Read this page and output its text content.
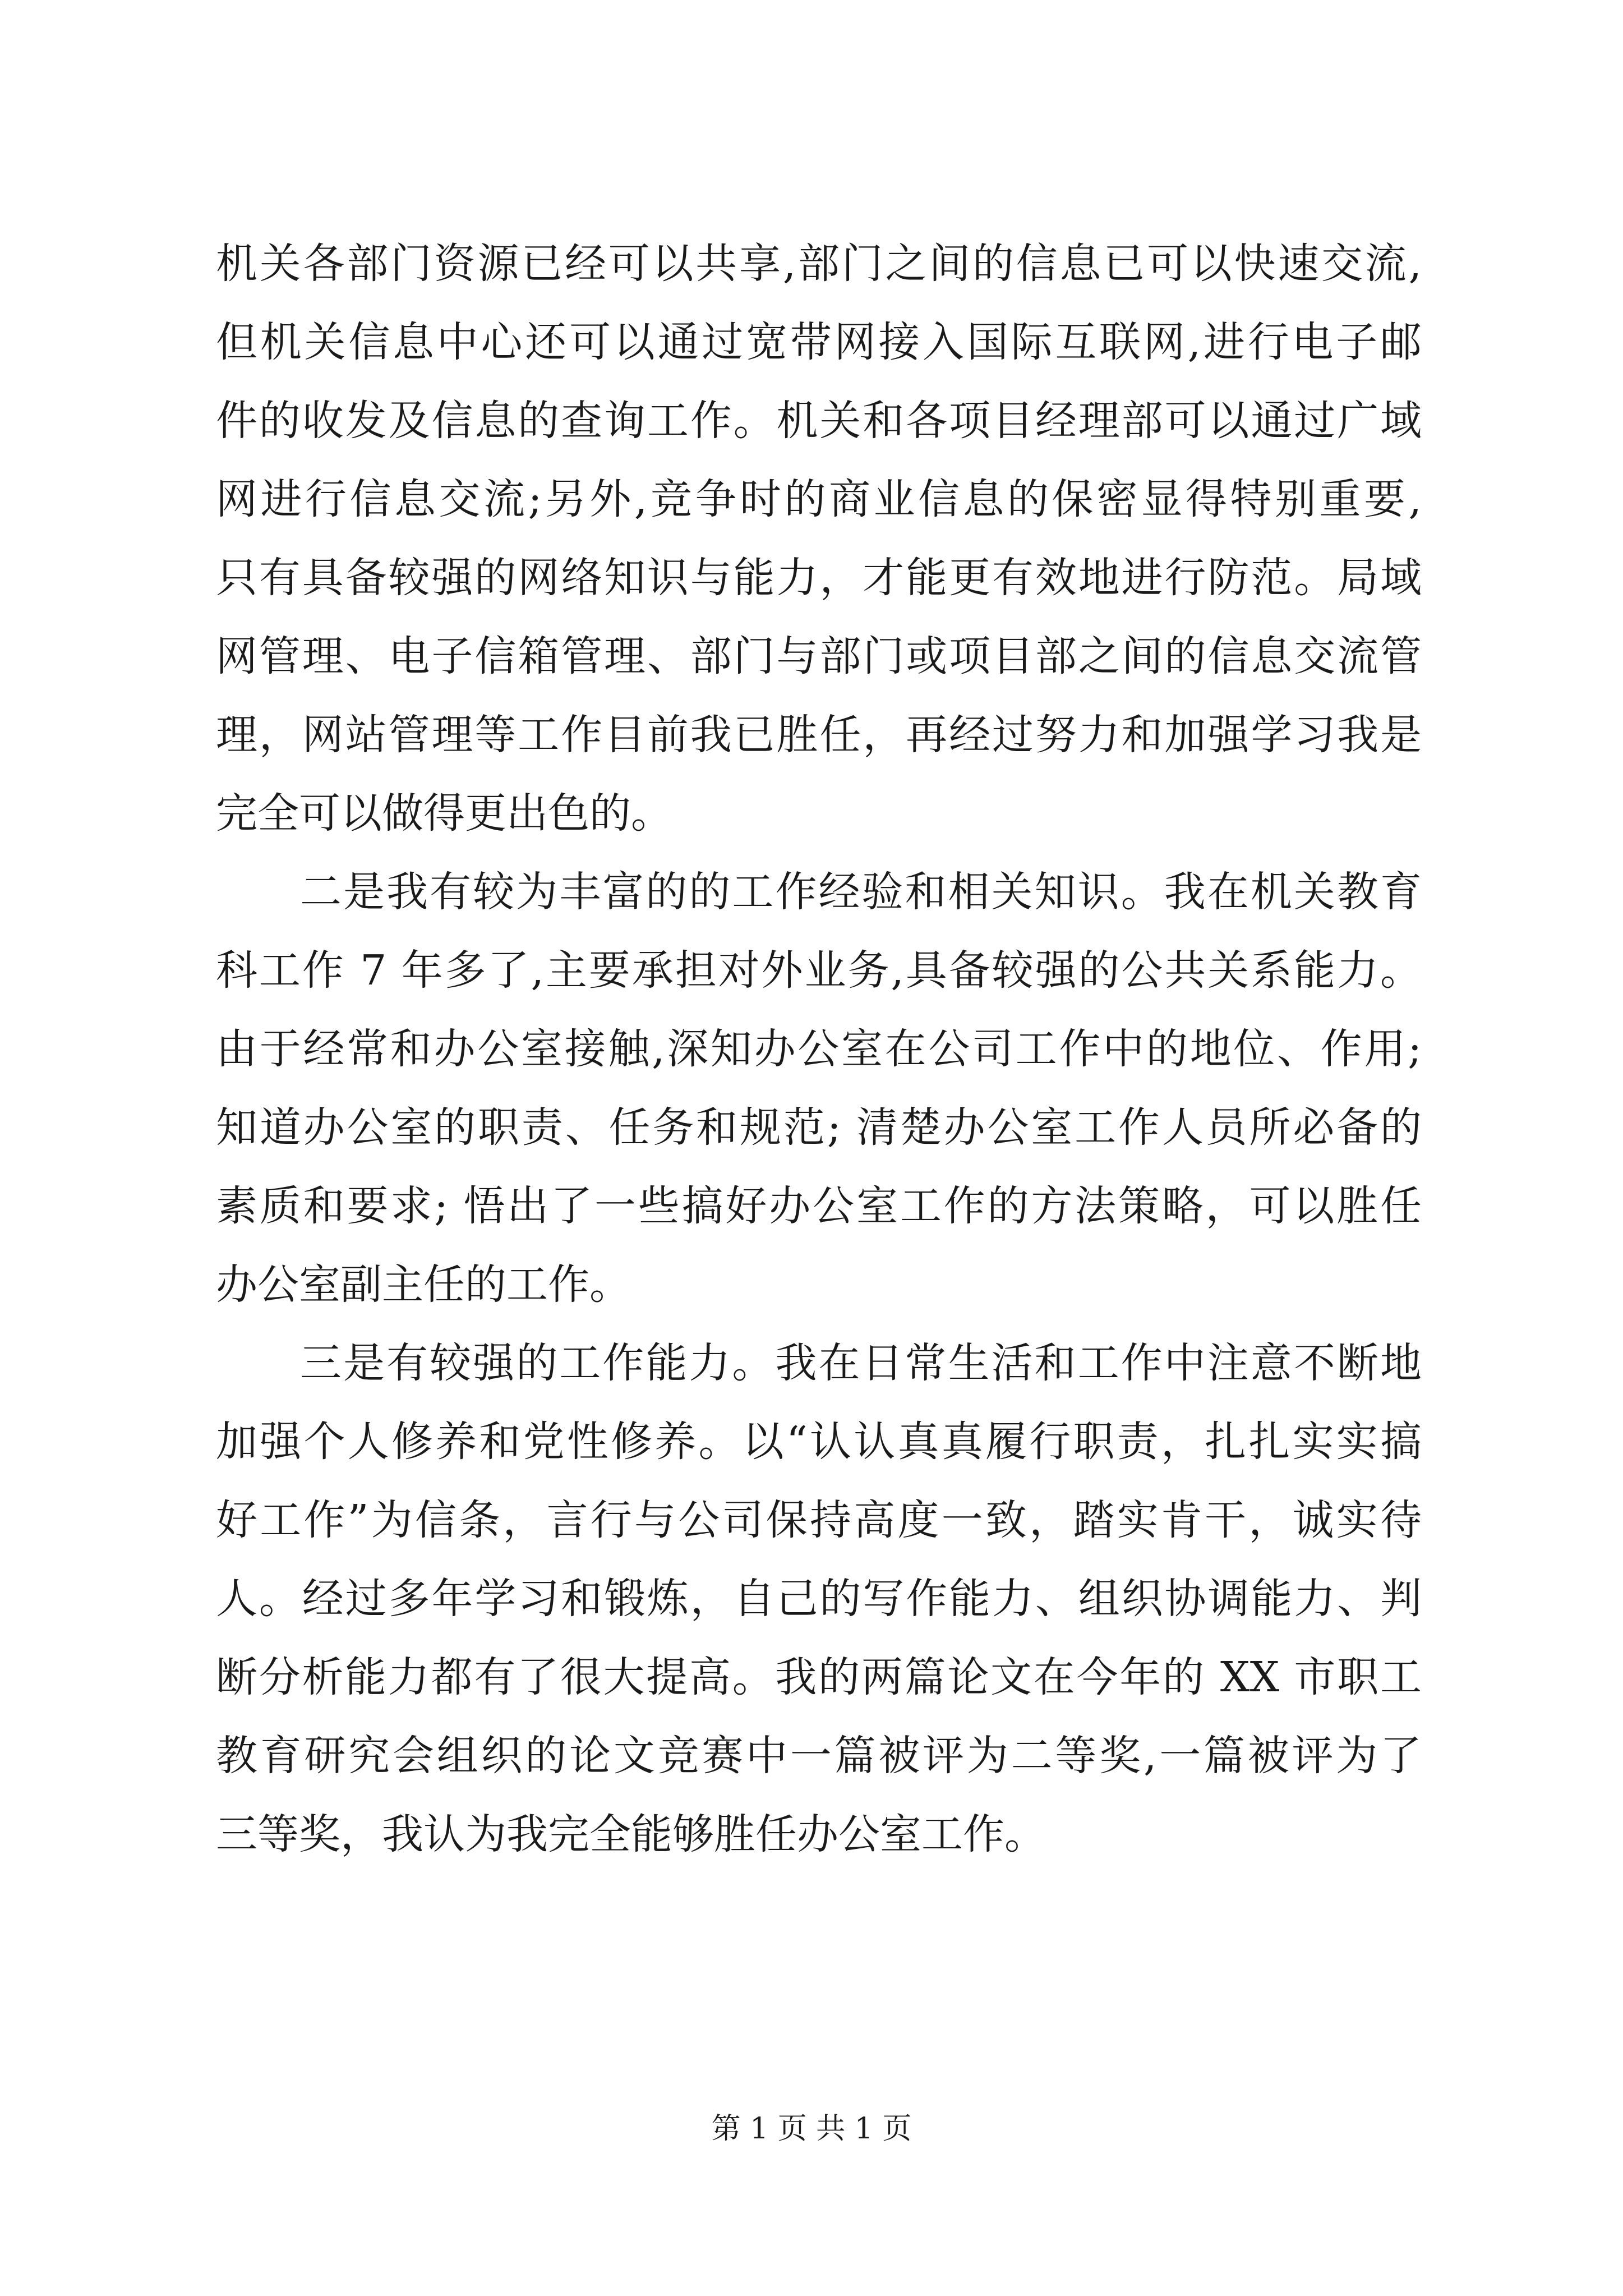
机关各部门资源已经可以共享,部门之间的信息已可以快速交流,
但机关信息中心还可以通过宽带网接入国际互联网,进行电子邮
件的收发及信息的查询工作。机关和各项目经理部可以通过广域
网进行信息交流;另外,竞争时的商业信息的保密显得特别重要,
只有具备较强的网络知识与能力，才能更有效地进行防范。局域
网管理、电子信箱管理、部门与部门或项目部之间的信息交流管
理，网站管理等工作目前我已胜任，再经过努力和加强学习我是
完全可以做得更出色的。
二是我有较为丰富的的工作经验和相关知识。我在机关教育
科工作 7 年多了,主要承担对外业务,具备较强的公共关系能力。
由于经常和办公室接触,深知办公室在公司工作中的地位、作用;
知道办公室的职责、任务和规范; 清楚办公室工作人员所必备的
素质和要求; 悟出了一些搞好办公室工作的方法策略，可以胜任
办公室副主任的工作。
三是有较强的工作能力。我在日常生活和工作中注意不断地
加强个人修养和党性修养。以“认认真真履行职责，扎扎实实搞
好工作”为信条，言行与公司保持高度一致，踏实肯干，诚实待
人。经过多年学习和锻炼，自己的写作能力、组织协调能力、判
断分析能力都有了很大提高。我的两篇论文在今年的 XX 市职工
教育研究会组织的论文竞赛中一篇被评为二等奖,一篇被评为了
三等奖，我认为我完全能够胜任办公室工作。
第 1 页 共 1 页
